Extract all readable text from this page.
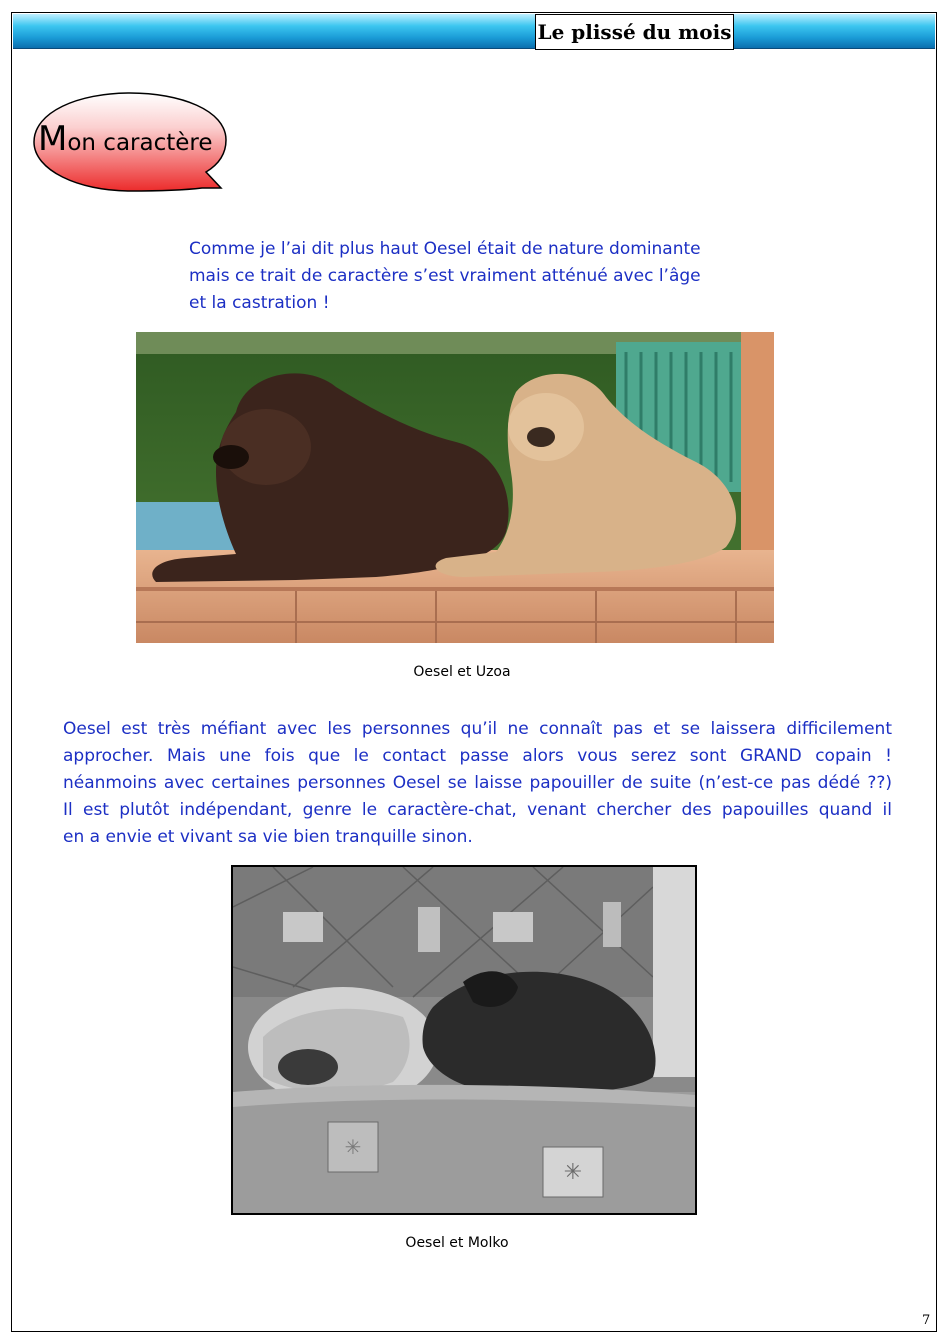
Le plissé du mois
Mon caractère
Comme je l’ai dit plus haut Oesel était de nature dominante
mais ce trait de caractère s’est vraiment atténué avec l’âge
et la castration !
Oesel et Uzoa

Oesel est très méfiant avec les personnes qu’il ne connaît pas et se laissera difficilement

approcher. Mais une fois que le contact passe alors vous serez sont GRAND copain !

néanmoins avec certaines personnes Oesel se laisse papouiller de suite (n’est-ce pas dédé ??)

Il est plutôt indépendant, genre le caractère-chat, venant chercher des papouilles quand il

en a envie et vivant sa vie bien tranquille sinon.

✳
✳
Oesel et Molko
7
